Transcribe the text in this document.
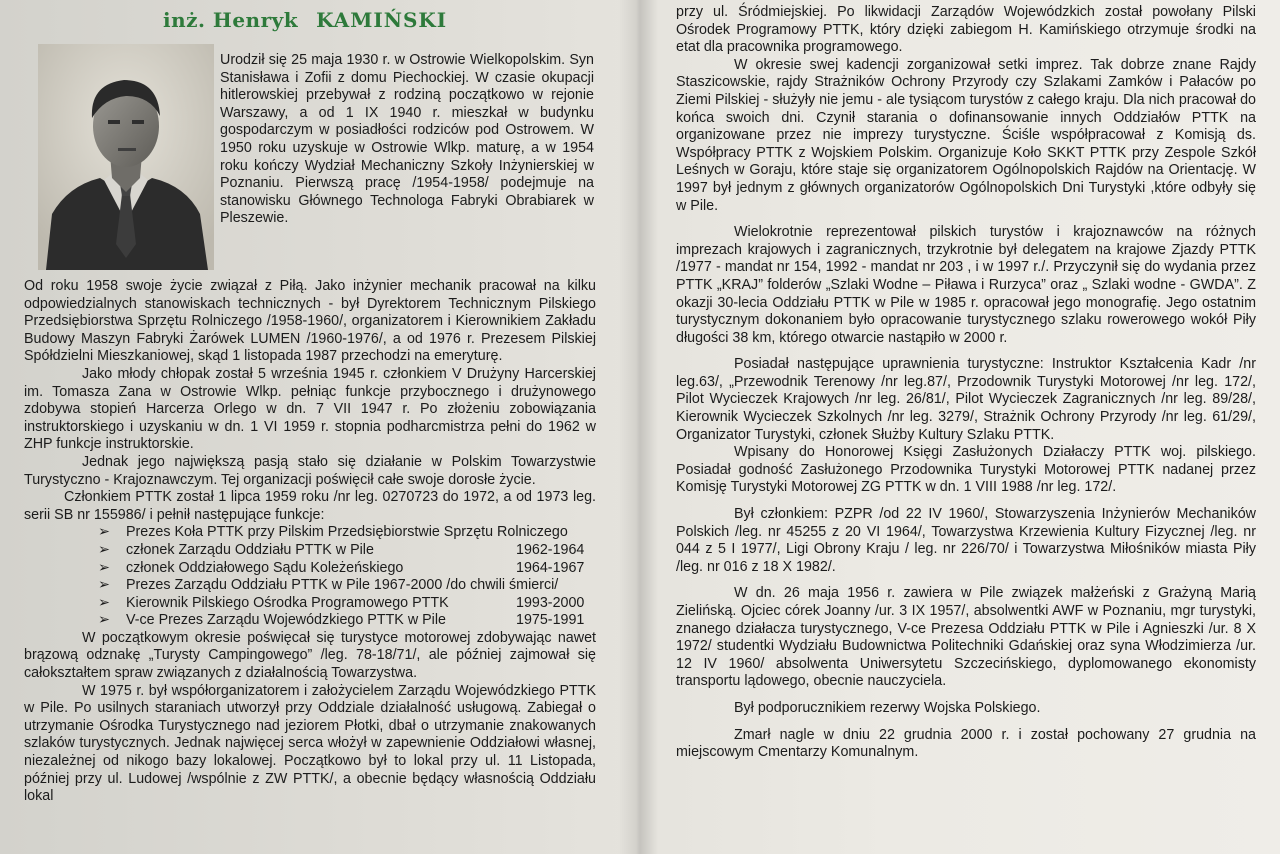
inż. Henryk KAMIŃSKI

Urodził się 25 maja 1930 r. w Ostrowie Wielkopolskim. Syn Stanisława i Zofii z domu Piechockiej. W czasie okupacji hitlerowskiej przebywał z rodziną początkowo w rejonie Warszawy, a od 1 IX 1940 r. mieszkał w budynku gospodarczym w posiadłości rodziców pod Ostrowem. W 1950 roku uzyskuje w Ostrowie Wlkp. maturę, a w 1954 roku kończy Wydział Mechaniczny Szkoły Inżynierskiej w Poznaniu. Pierwszą pracę /1954-1958/ podejmuje na stanowisku Głównego Technologa Fabryki Obrabiarek w Pleszewie.

Od roku 1958 swoje życie związał z Piłą. Jako inżynier mechanik pracował na kilku odpowiedzialnych stanowiskach technicznych - był Dyrektorem Technicznym Pilskiego Przedsiębiorstwa Sprzętu Rolniczego /1958-1960/, organizatorem i Kierownikiem Zakładu Budowy Maszyn Fabryki Żarówek LUMEN /1960-1976/, a od 1976 r. Prezesem Pilskiej Spółdzielni Mieszkaniowej, skąd 1 listopada 1987 przechodzi na emeryturę.

Jako młody chłopak został 5 września 1945 r. członkiem V Drużyny Harcerskiej im. Tomasza Zana w Ostrowie Wlkp. pełniąc funkcje przybocznego i drużynowego zdobywa stopień Harcerza Orlego w dn. 7 VII 1947 r. Po złożeniu zobowiązania instruktorskiego i uzyskaniu w dn. 1 VI 1959 r. stopnia podharcmistrza pełni do 1962 w ZHP funkcje instruktorskie.

Jednak jego największą pasją stało się działanie w Polskim Towarzystwie Turystyczno - Krajoznawczym. Tej organizacji poświęcił całe swoje dorosłe życie.

Członkiem PTTK został 1 lipca 1959 roku /nr leg. 0270723 do 1972, a od 1973 leg. serii SB nr 155986/ i pełnił następujące funkcje:

➢	Prezes Koła PTTK przy Pilskim Przedsiębiorstwie Sprzętu Rolniczego
➢	członek Zarządu Oddziału PTTK w Pile	1962-1964
➢	członek Oddziałowego Sądu Koleżeńskiego	1964-1967
➢	Prezes Zarządu Oddziału PTTK w Pile 1967-2000 /do chwili śmierci/
➢	Kierownik Pilskiego Ośrodka Programowego PTTK	1993-2000
➢	V-ce Prezes Zarządu Wojewódzkiego PTTK w Pile	1975-1991

W początkowym okresie poświęcał się turystyce motorowej zdobywając nawet brązową odznakę „Turysty Campingowego” /leg. 78-18/71/, ale później zajmował się całokształtem spraw związanych z działalnością Towarzystwa.

W 1975 r. był współorganizatorem i założycielem Zarządu Wojewódzkiego PTTK w Pile. Po usilnych staraniach utworzył przy Oddziale działalność usługową. Zabiegał o utrzymanie Ośrodka Turystycznego nad jeziorem Płotki, dbał o utrzymanie znakowanych szlaków turystycznych. Jednak najwięcej serca włożył w zapewnienie Oddziałowi własnej, niezależnej od nikogo bazy lokalowej. Początkowo był to lokal przy ul. 11 Listopada, później przy ul. Ludowej /wspólnie z ZW PTTK/, a obecnie będący własnością Oddziału lokal

przy ul. Śródmiejskiej. Po likwidacji Zarządów Wojewódzkich został powołany Pilski Ośrodek Programowy PTTK, który dzięki zabiegom H. Kamińskiego otrzymuje środki na etat dla pracownika programowego.

W okresie swej kadencji zorganizował setki imprez. Tak dobrze znane Rajdy Staszicowskie, rajdy Strażników Ochrony Przyrody czy Szlakami Zamków i Pałaców po Ziemi Pilskiej - służyły nie jemu - ale tysiącom turystów z całego kraju. Dla nich pracował do końca swoich dni. Czynił starania o dofinansowanie innych Oddziałów PTTK na organizowane przez nie imprezy turystyczne. Ściśle współpracował z Komisją ds. Współpracy PTTK z Wojskiem Polskim. Organizuje Koło SKKT PTTK przy Zespole Szkół Leśnych w Goraju, które staje się organizatorem Ogólnopolskich Rajdów na Orientację. W 1997 był jednym z głównych organizatorów Ogólnopolskich Dni Turystyki ,które odbyły się w Pile.

Wielokrotnie reprezentował pilskich turystów i krajoznawców na różnych imprezach krajowych i zagranicznych, trzykrotnie był delegatem na krajowe Zjazdy PTTK /1977 - mandat nr 154, 1992 - mandat nr 203 , i w 1997 r./. Przyczynił się do wydania przez PTTK „KRAJ” folderów „Szlaki Wodne – Piława i Rurzyca” oraz „ Szlaki wodne - GWDA”. Z okazji 30-lecia Oddziału PTTK w Pile w 1985 r. opracował jego monografię. Jego ostatnim turystycznym dokonaniem było opracowanie turystycznego szlaku rowerowego wokół Piły długości 38 km, którego otwarcie nastąpiło w 2000 r.

Posiadał następujące uprawnienia turystyczne: Instruktor Kształcenia Kadr /nr leg.63/, „Przewodnik Terenowy /nr leg.87/, Przodownik Turystyki Motorowej /nr leg. 172/, Pilot Wycieczek Krajowych /nr leg. 26/81/, Pilot Wycieczek Zagranicznych /nr leg. 89/28/, Kierownik Wycieczek Szkolnych /nr leg. 3279/, Strażnik Ochrony Przyrody /nr leg. 61/29/, Organizator Turystyki, członek Służby Kultury Szlaku PTTK.

Wpisany do Honorowej Księgi Zasłużonych Działaczy PTTK woj. pilskiego. Posiadał godność Zasłużonego Przodownika Turystyki Motorowej PTTK nadanej przez Komisję Turystyki Motorowej ZG PTTK w dn. 1 VIII 1988 /nr leg. 172/.

Był członkiem: PZPR /od 22 IV 1960/, Stowarzyszenia Inżynierów Mechaników Polskich /leg. nr 45255 z 20 VI 1964/, Towarzystwa Krzewienia Kultury Fizycznej /leg. nr 044 z 5 I 1977/, Ligi Obrony Kraju / leg. nr 226/70/ i Towarzystwa Miłośników miasta Piły /leg. nr 016 z 18 X 1982/.

W dn. 26 maja 1956 r. zawiera w Pile związek małżeński z Grażyną Marią Zielińską. Ojciec córek Joanny /ur. 3 IX 1957/, absolwentki AWF w Poznaniu, mgr turystyki, znanego działacza turystycznego, V-ce Prezesa Oddziału PTTK w Pile i Agnieszki /ur. 8 X 1972/ studentki Wydziału Budownictwa Politechniki Gdańskiej oraz syna Włodzimierza /ur. 12 IV 1960/ absolwenta Uniwersytetu Szczecińskiego, dyplomowanego ekonomisty transportu lądowego, obecnie nauczyciela.

Był podporucznikiem rezerwy Wojska Polskiego.

Zmarł nagle w dniu 22 grudnia 2000 r. i został pochowany 27 grudnia na miejscowym Cmentarzy Komunalnym.
